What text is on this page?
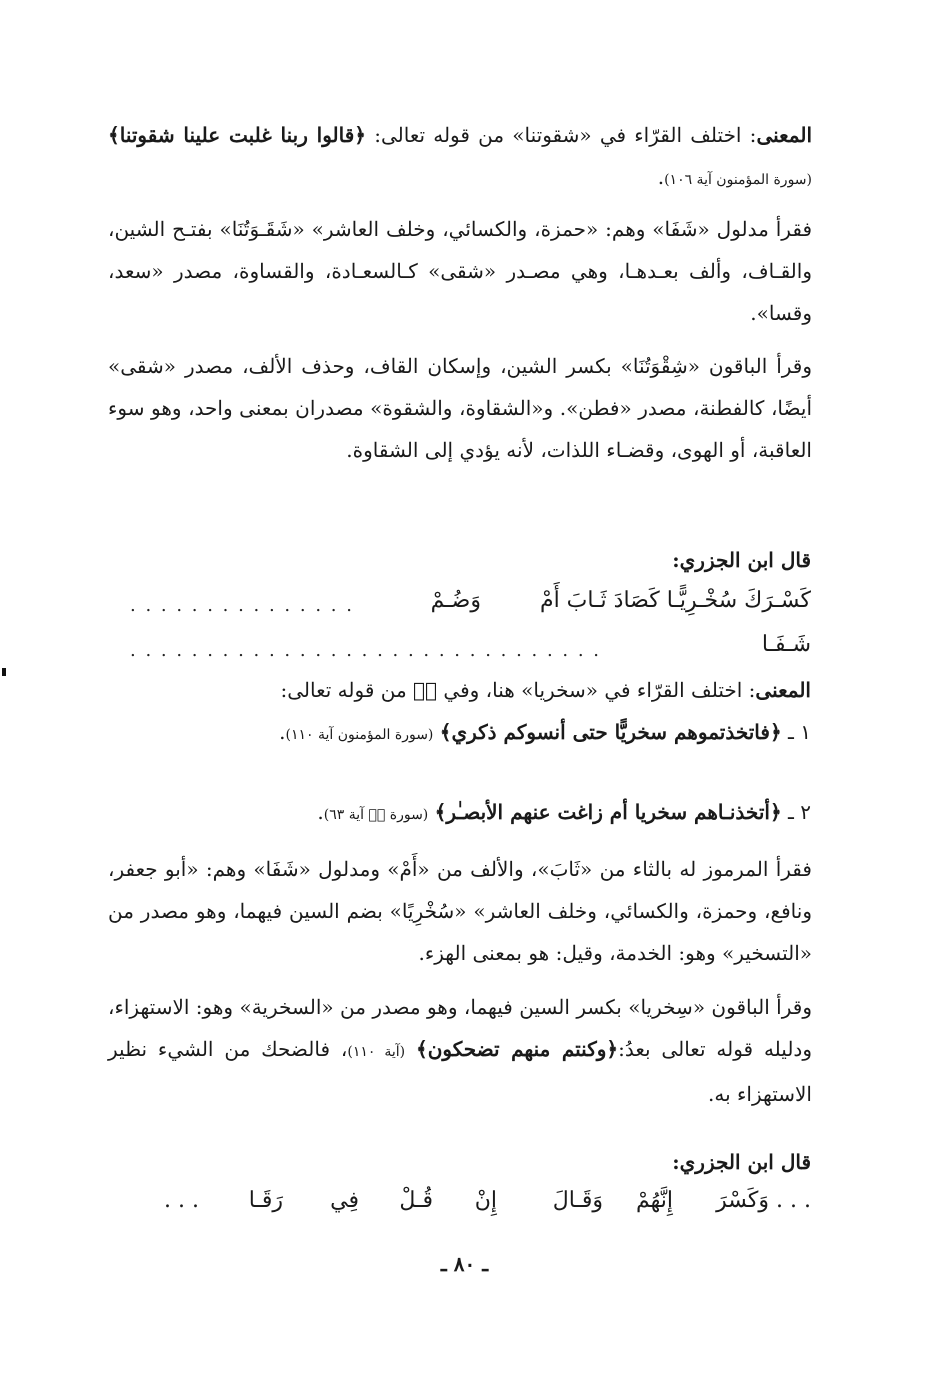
المعنى: اختلف القرّاء في «شقوتنا» من قوله تعالى: ﴿قالوا ربنا غلبت علينا شقوتنا﴾ (سورة المؤمنون آية ١٠٦).
فقرأ مدلول «شَفَا» وهم: «حمزة، والكسائي، وخلف العاشر» «شَقَـوَتُنَا» بفتـح الشين، والقـاف، وألف بعـدهـا، وهي مصـدر «شقى» كـالسعـادة، والقساوة، مصدر «سعد، وقسا».
وقرأ الباقون «شِقْوَتُنَا» بكسر الشين، وإسكان القاف، وحذف الألف، مصدر «شقى» أيضًا، كالفطنة، مصدر «فطن». و«الشقاوة، والشقوة» مصدران بمعنى واحد، وهو سوء العاقبة، أو الهوى، وقضـاء اللذات، لأنه يؤدي إلى الشقاوة.
قال ابن الجزري:
كَسْـرَكَ سُخْـرِيًّـا كَصَادَ ثَـابَ أَمْ
وَضُـمْ
. . . . . . . . . . . . . . .
شَـفَـا
. . . . . . . . . . . . . . . . . . . . . . . . . . . . . . .
المعنى: اختلف القرّاء في «سخريا» هنا، وفي صۤ من قوله تعالى:
١ ـ ﴿فاتخذتموهم سخريًّا حتى أنسوكم ذكري﴾ (سورة المؤمنون آية ١١٠).
٢ ـ ﴿أتخذنـاهم سخريا أم زاغت عنهم الأبصـٰر﴾ (سورة صۤ آية ٦٣).
فقرأ المرموز له بالثاء من «ثَابَ»، والألف من «أَمْ» ومدلول «شَفَا» وهم: «أبو جعفر، ونافع، وحمزة، والكسائي، وخلف العاشر» «سُخْرِيًا» بضم السين فيهما، وهو مصدر من «التسخير» وهو: الخدمة، وقيل: هو بمعنى الهزء.
وقرأ الباقون «سِخريا» بكسر السين فيهما، وهو مصدر من «السخرية» وهو: الاستهزاء، ودليله قوله تعالى بعدُ:﴿وكنتم منهم تضحكون﴾ (آية ١١٠)، فالضحك من الشيء نظير الاستهزاء به.
قال ابن الجزري:
. . . وَكَسْرَ
إِنَّهُمْ
وَقَـالَ
إِنْ
قُـلْ
فِي
رَقَـا
. . .
ـ ٨٠ ـ
